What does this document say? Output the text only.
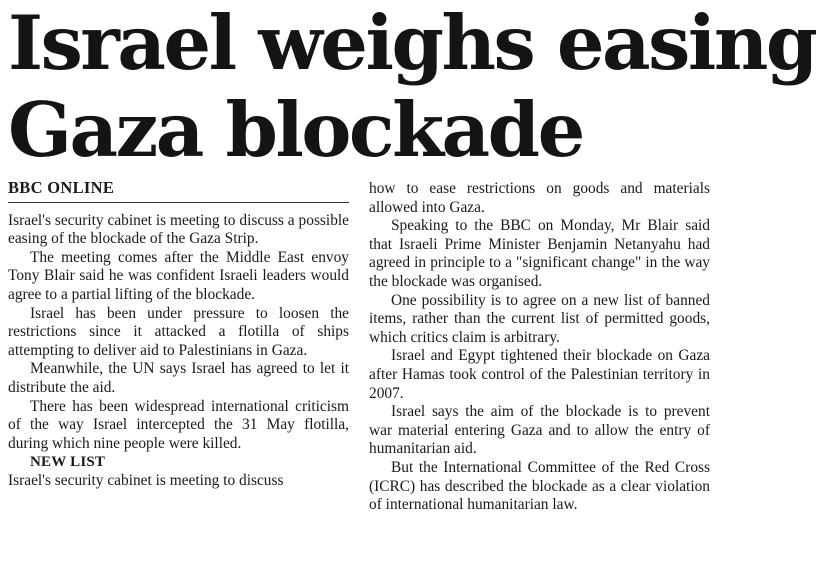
Israel weighs easing
Gaza blockade
BBC ONLINE

Israel's security cabinet is meeting to discuss a possible easing of the blockade of the Gaza Strip.

The meeting comes after the Middle East envoy Tony Blair said he was confident Israeli leaders would agree to a partial lifting of the blockade.

Israel has been under pressure to loosen the restrictions since it attacked a flotilla of ships attempting to deliver aid to Palestinians in Gaza.

Meanwhile, the UN says Israel has agreed to let it distribute the aid.

There has been widespread international criticism of the way Israel intercepted the 31 May flotilla, during which nine people were killed.

NEW LIST

Israel's security cabinet is meeting to discuss

how to ease restrictions on goods and materials allowed into Gaza.

Speaking to the BBC on Monday, Mr Blair said that Israeli Prime Minister Benjamin Netanyahu had agreed in principle to a "significant change" in the way the blockade was organised.

One possibility is to agree on a new list of banned items, rather than the current list of permitted goods, which critics claim is arbitrary.

Israel and Egypt tightened their blockade on Gaza after Hamas took control of the Palestinian territory in 2007.

Israel says the aim of the blockade is to prevent war material entering Gaza and to allow the entry of humanitarian aid.

But the International Committee of the Red Cross (ICRC) has described the blockade as a clear violation of international humanitarian law.
